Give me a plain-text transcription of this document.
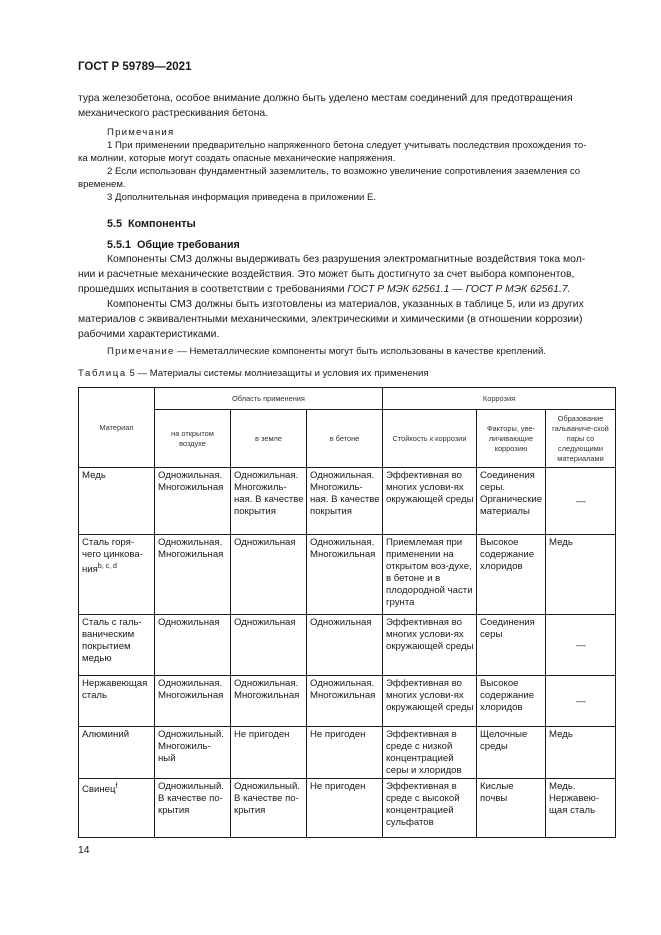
ГОСТ Р 59789—2021
тура железобетона, особое внимание должно быть уделено местам соединений для предотвращения
механического растрескивания бетона.
Примечания
1 При применении предварительно напряженного бетона следует учитывать последствия прохождения то-
ка молнии, которые могут создать опасные механические напряжения.
2 Если использован фундаментный заземлитель, то возможно увеличение сопротивления заземления со
временем.
3 Дополнительная информация приведена в приложении Е.
5.5 Компоненты
5.5.1 Общие требования
Компоненты СМЗ должны выдерживать без разрушения электромагнитные воздействия тока мол-
нии и расчетные механические воздействия. Это может быть достигнуто за счет выбора компонентов,
прошедших испытания в соответствии с требованиями ГОСТ Р МЭК 62561.1 — ГОСТ Р МЭК 62561.7.
Компоненты СМЗ должны быть изготовлены из материалов, указанных в таблице 5, или из других
материалов с эквивалентными механическими, электрическими и химическими (в отношении коррозии)
рабочими характеристиками.
Примечание — Неметаллические компоненты могут быть использованы в качестве креплений.
Таблица 5 — Материалы системы молниезащиты и условия их применения
Материал	Область применения			Коррозия		
	на открытом воздухе	в земле	в бетоне	Стойкость к коррозии	Факторы, уве-личивающие коррозию	Образование гальваниче-ской пары со следующими материалами
Медь	Одножильная. Многожильная	Одножильная. Многожиль-ная. В качестве покрытия	Одножильная. Многожиль-ная. В качестве покрытия	Эффективная во многих услови-ях окружающей среды	Соединения серы. Органические материалы	—
Сталь горя-чего цинкова-ния$^{b, c, d}$	Одножильная. Многожильная	Одножильная	Одножильная. Многожильная	Приемлемая при применении на открытом воз-духе, в бетоне и в плодородной части грунта	Высокое содержание хлоридов	Медь
Сталь с галь-ваническим покрытием медью	Одножильная	Одножильная	Одножильная	Эффективная во многих услови-ях окружающей среды	Соединения серы	—
Нержавеющая сталь	Одножильная. Многожильная	Одножильная. Многожильная	Одножильная. Многожильная	Эффективная во многих услови-ях окружающей среды	Высокое содержание хлоридов	—
Алюминий	Одножильный. Многожиль-ный	Не пригоден	Не пригоден	Эффективная в среде с низкой концентрацией серы и хлоридов	Щелочные среды	Медь
Свинец$^f$	Одножильный. В качестве по-крытия	Одножильный. В качестве по-крытия	Не пригоден	Эффективная в среде с высокой концентрацией сульфатов	Кислые почвы	Медь. Нержавею-щая сталь
14
